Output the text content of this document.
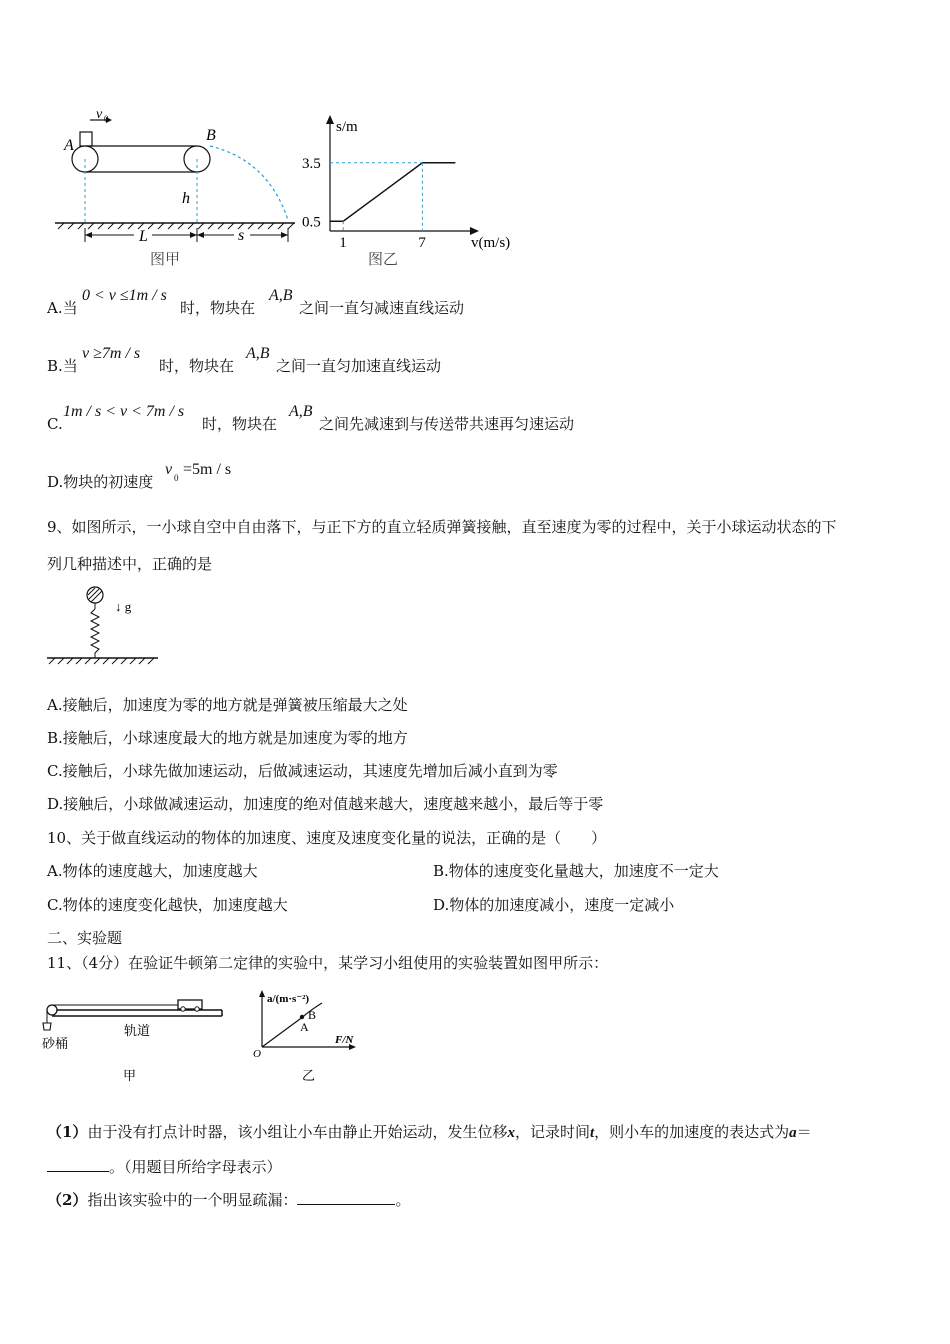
v 0
A
B
h
L	s
图甲
s/m
v(m/s)
3.5
0.5
1	7
图乙
A.当
0 < v ≤1m / s
时，物块在
A,B
之间一直匀减速直线运动
B.当
v ≥7m / s
时，物块在
A,B
之间一直匀加速直线运动
C.
1m / s < v < 7m / s
时，物块在
A,B
之间先减速到与传送带共速再匀速运动
D.物块的初速度
v 0 =5m / s
9、如图所示，一小球自空中自由落下，与正下方的直立轻质弹簧接触，直至速度为零的过程中，关于小球运动状态的下
列几种描述中，正确的是
↓ g
A.接触后，加速度为零的地方就是弹簧被压缩最大之处
B.接触后，小球速度最大的地方就是加速度为零的地方
C.接触后，小球先做加速运动，后做减速运动，其速度先增加后减小直到为零
D.接触后，小球做减速运动，加速度的绝对值越来越大，速度越来越小，最后等于零
10、关于做直线运动的物体的加速度、速度及速度变化量的说法，正确的是（　　）
A.物体的速度越大，加速度越大	B.物体的速度变化量越大，加速度不一定大
C.物体的速度变化越快，加速度越大	D.物体的加速度减小，速度一定减小
二、实验题
11、（4分）在验证牛顿第二定律的实验中，某学习小组使用的实验装置如图甲所示：
轨道
砂桶
甲
a/(m·s⁻²)
F/N
O
A
B
乙
（1）由于没有打点计时器，该小组让小车由静止开始运动，发生位移x，记录时间t，则小车的加速度的表达式为a＝
。（用题目所给字母表示）
（2）指出该实验中的一个明显疏漏：	。
